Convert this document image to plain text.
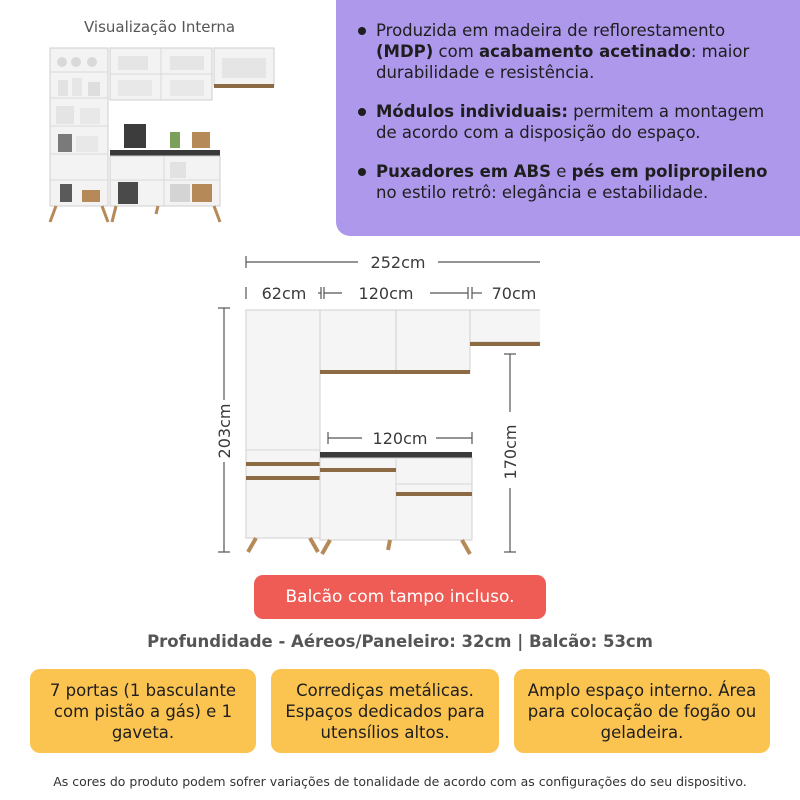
Visualização Interna	Produzida em madeira de reflorestamento (MDP) com acabamento acetinado: maior durabilidade e resistência.
Módulos individuais: permitem a montagem de acordo com a disposição do espaço.
Puxadores em ABS e pés em polipropileno no estilo retrô: elegância e estabilidade.
252cm
62cm	120cm	70cm
203cm	170cm
120cm
Balcão com tampo incluso.
Profundidade - Aéreos/Paneleiro: 32cm | Balcão: 53cm
7 portas (1 basculante com pistão a gás) e 1 gaveta.
Corrediças metálicas. Espaços dedicados para utensílios altos.
Amplo espaço interno. Área para colocação de fogão ou geladeira.
As cores do produto podem sofrer variações de tonalidade de acordo com as configurações do seu dispositivo.
